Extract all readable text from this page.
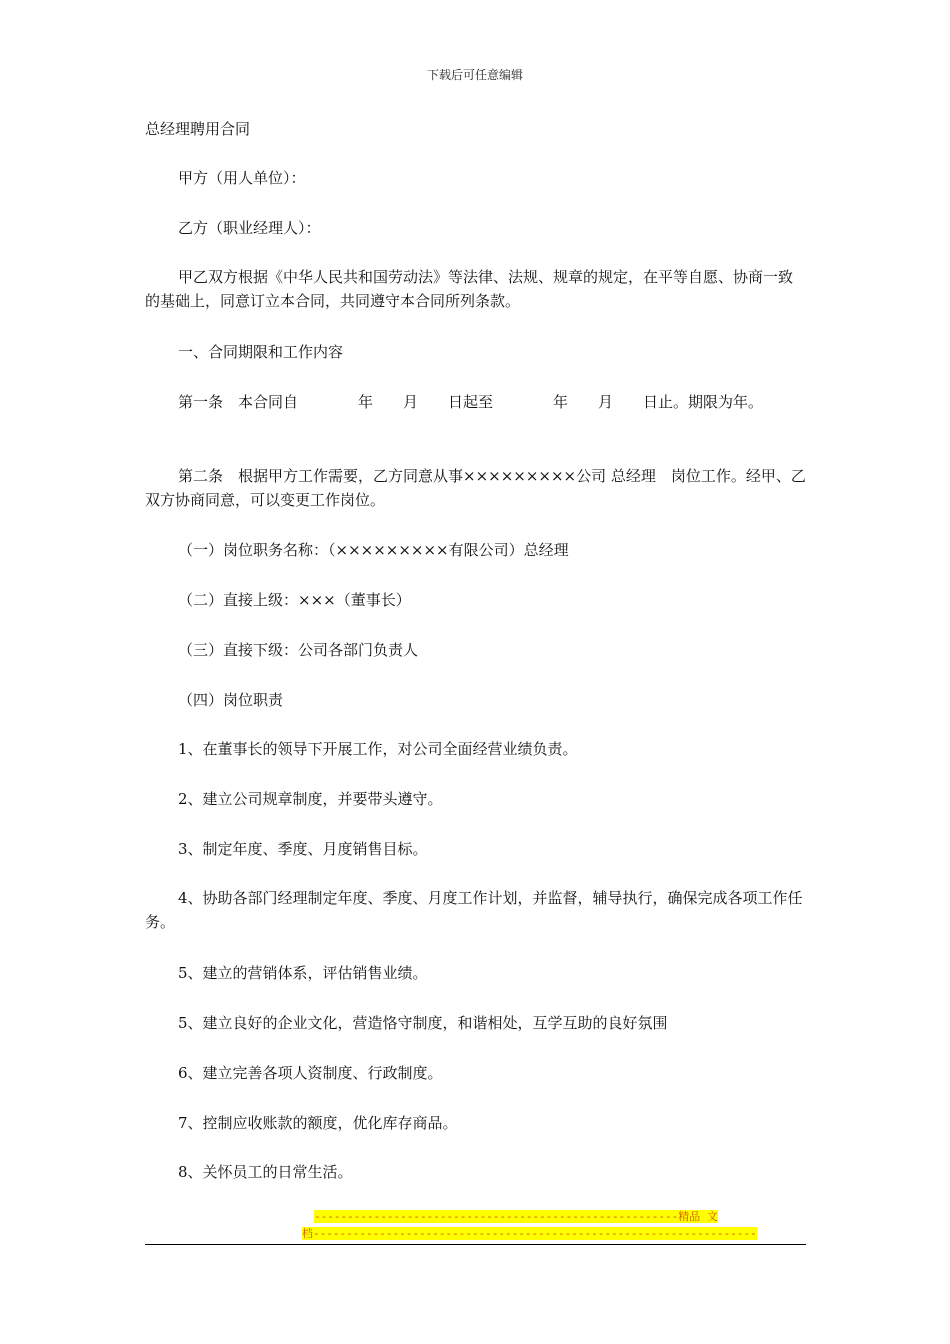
下载后可任意编辑
总经理聘用合同

甲方（用人单位）：

乙方（职业经理人）：

甲乙双方根据《中华人民共和国劳动法》等法律、法规、规章的规定，在平等自愿、协商一致的基础上，同意订立本合同，共同遵守本合同所列条款。

一、合同期限和工作内容

第一条　本合同自　　　　年　　月　　日起至　　　　年　　月　　日止。期限为年。

第二条　根据甲方工作需要，乙方同意从事×××××××××公司 总经理　岗位工作。经甲、乙双方协商同意，可以变更工作岗位。

（一）岗位职务名称：（×××××××××有限公司）总经理

（二）直接上级：×××（董事长）

（三）直接下级：公司各部门负责人

（四）岗位职责

1、在董事长的领导下开展工作，对公司全面经营业绩负责。

2、建立公司规章制度，并要带头遵守。

3、制定年度、季度、月度销售目标。

4、协助各部门经理制定年度、季度、月度工作计划，并监督，辅导执行，确保完成各项工作任务。

5、建立的营销体系，评估销售业绩。

5、建立良好的企业文化，营造恪守制度，和谐相处，互学互助的良好氛围

6、建立完善各项人资制度、行政制度。

7、控制应收账款的额度，优化库存商品。

8、关怀员工的日常生活。

-------------------------------------------------------精品 文
档-------------------------------------------------------------------
